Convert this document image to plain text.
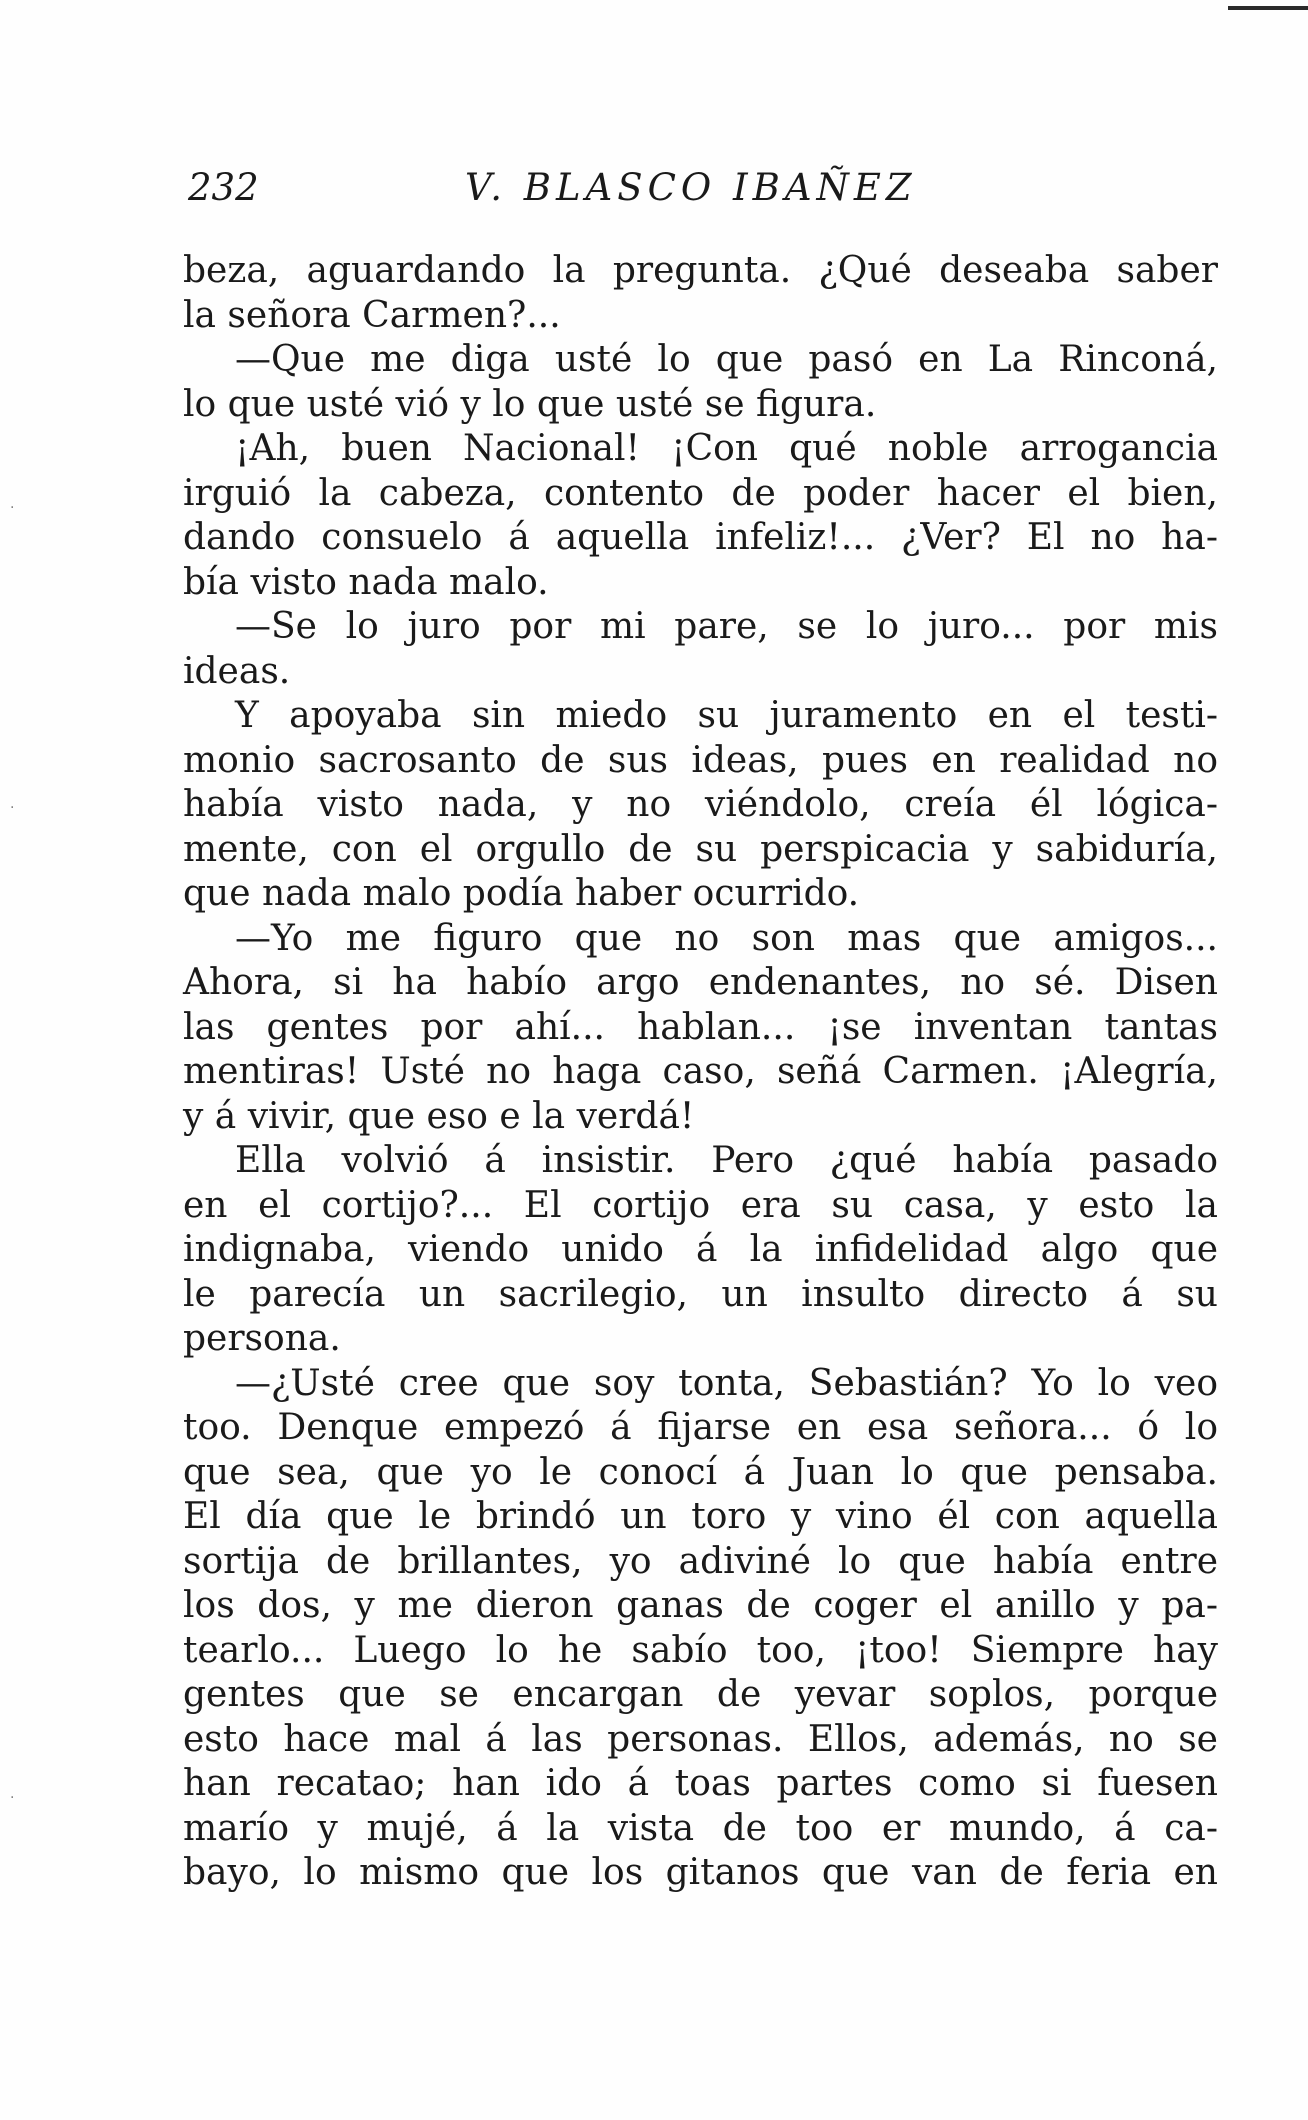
232	V. BLASCO IBAÑEZ
beza, aguardando la pregunta. ¿Qué deseaba saber
la señora Carmen?...
—Que me diga usté lo que pasó en La Rinconá,
lo que usté vió y lo que usté se figura.
¡Ah, buen Nacional! ¡Con qué noble arrogancia
irguió la cabeza, contento de poder hacer el bien,
dando consuelo á aquella infeliz!... ¿Ver? El no ha-
bía visto nada malo.
—Se lo juro por mi pare, se lo juro... por mis
ideas.
Y apoyaba sin miedo su juramento en el testi-
monio sacrosanto de sus ideas, pues en realidad no
había visto nada, y no viéndolo, creía él lógica-
mente, con el orgullo de su perspicacia y sabiduría,
que nada malo podía haber ocurrido.
—Yo me figuro que no son mas que amigos...
Ahora, si ha habío argo endenantes, no sé. Disen
las gentes por ahí... hablan... ¡se inventan tantas
mentiras! Usté no haga caso, señá Carmen. ¡Alegría,
y á vivir, que eso e la verdá!
Ella volvió á insistir. Pero ¿qué había pasado
en el cortijo?... El cortijo era su casa, y esto la
indignaba, viendo unido á la infidelidad algo que
le parecía un sacrilegio, un insulto directo á su
persona.
—¿Usté cree que soy tonta, Sebastián? Yo lo veo
too. Denque empezó á fijarse en esa señora... ó lo
que sea, que yo le conocí á Juan lo que pensaba.
El día que le brindó un toro y vino él con aquella
sortija de brillantes, yo adiviné lo que había entre
los dos, y me dieron ganas de coger el anillo y pa-
tearlo... Luego lo he sabío too, ¡too! Siempre hay
gentes que se encargan de yevar soplos, porque
esto hace mal á las personas. Ellos, además, no se
han recatao; han ido á toas partes como si fuesen
marío y mujé, á la vista de too er mundo, á ca-
bayo, lo mismo que los gitanos que van de feria en
·
·
·
